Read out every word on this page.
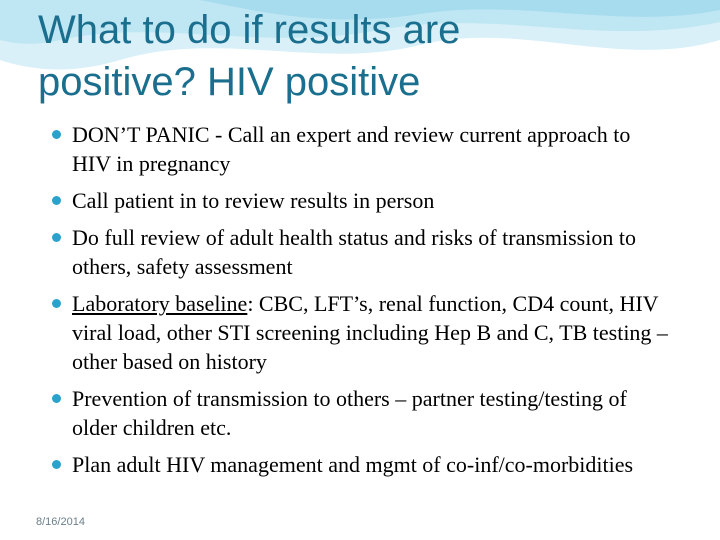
What to do if results are
positive? HIV positive
DON’T PANIC - Call an expert and review current approach to HIV in pregnancy
Call patient in to review results in person
Do full review of adult health status and risks of transmission to others, safety assessment
Laboratory baseline: CBC, LFT’s, renal function, CD4 count, HIV viral load, other STI screening including Hep B and C, TB testing – other based on history
Prevention of transmission to others – partner testing/testing of older children etc.
Plan adult HIV management and mgmt of co-inf/co-morbidities
8/16/2014
